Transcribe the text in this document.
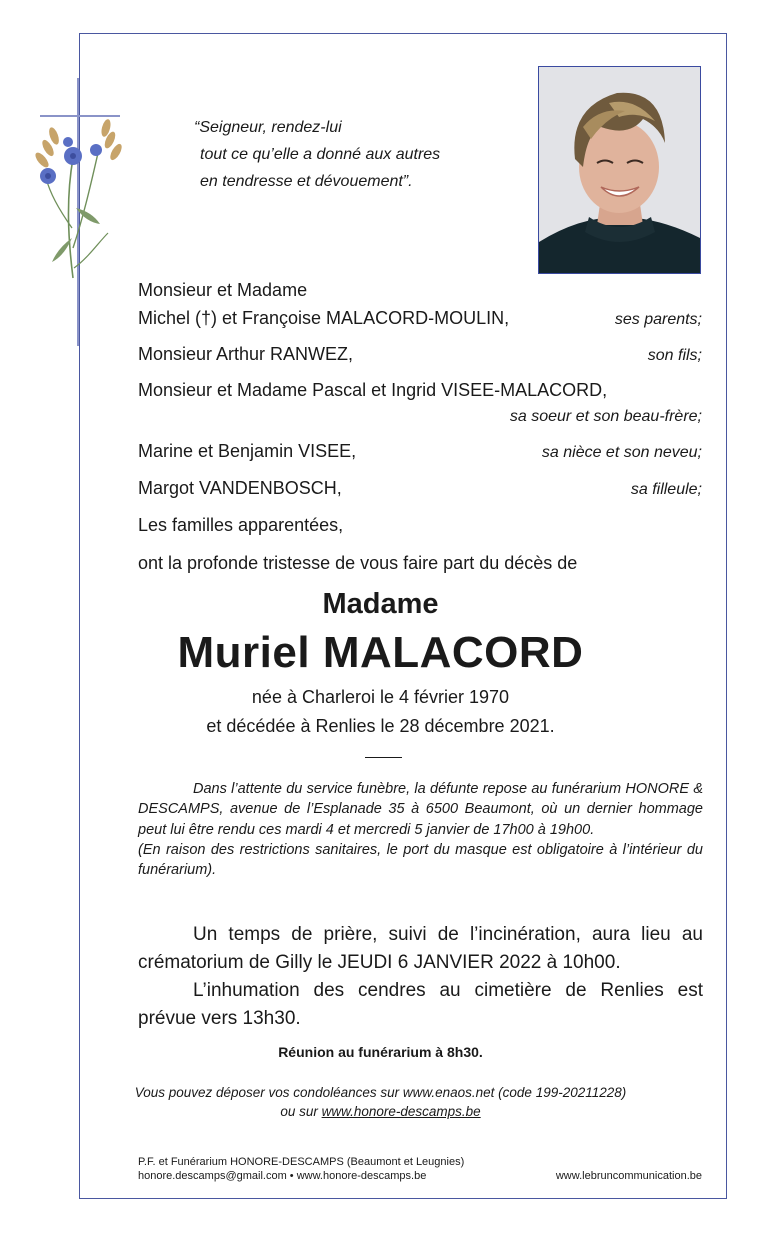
“Seigneur, rendez-lui
tout ce qu’elle a donné aux autres
en tendresse et dévouement”.
Monsieur et Madame
Michel (†) et Françoise MALACORD-MOULIN,	ses parents;
Monsieur Arthur RANWEZ,	son fils;
Monsieur et Madame Pascal et Ingrid VISEE-MALACORD,
sa soeur et son beau-frère;
Marine et Benjamin VISEE,	sa nièce et son neveu;
Margot VANDENBOSCH,	sa filleule;
Les familles apparentées,
ont la profonde tristesse de vous faire part du décès de
Madame
Muriel MALACORD
née à Charleroi le 4 février 1970
et décédée à Renlies le 28 décembre 2021.

Dans l’attente du service funèbre, la défunte repose au funérarium HONORE & DESCAMPS, avenue de l’Esplanade 35 à 6500 Beaumont, où un dernier hommage peut lui être rendu ces mardi 4 et mercredi 5 janvier de 17h00 à 19h00.

(En raison des restrictions sanitaires, le port du masque est obligatoire à l’intérieur du funérarium).

Un temps de prière, suivi de l’incinération, aura lieu au crématorium de Gilly le JEUDI 6 JANVIER 2022 à 10h00.

L’inhumation des cendres au cimetière de Renlies est prévue vers 13h30.

Réunion au funérarium à 8h30.
Vous pouvez déposer vos condoléances sur www.enaos.net (code 199-20211228)
ou sur www.honore-descamps.be
P.F. et Funérarium HONORE-DESCAMPS (Beaumont et Leugnies)
honore.descamps@gmail.com • www.honore-descamps.be	www.lebruncommunication.be
